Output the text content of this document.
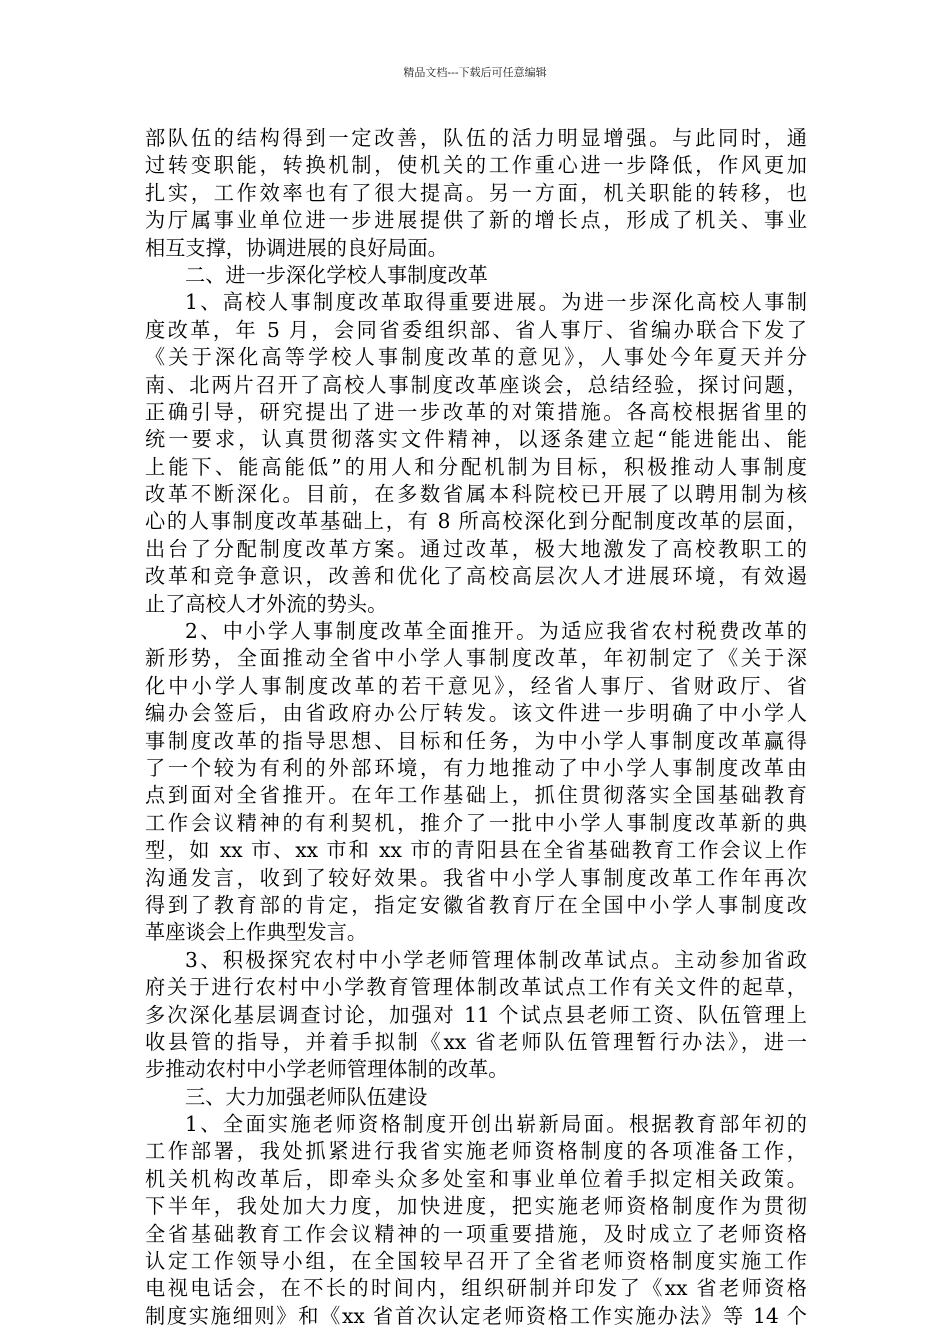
精品文档---下载后可任意编辑
部队伍的结构得到一定改善，队伍的活力明显增强。与此同时，通
过转变职能，转换机制，使机关的工作重心进一步降低，作风更加
扎实，工作效率也有了很大提高。另一方面，机关职能的转移，也
为厅属事业单位进一步进展提供了新的增长点，形成了机关、事业
相互支撑，协调进展的良好局面。
二、进一步深化学校人事制度改革
1、高校人事制度改革取得重要进展。为进一步深化高校人事制
度改革，年 5 月，会同省委组织部、省人事厅、省编办联合下发了
《关于深化高等学校人事制度改革的意见》，人事处今年夏天并分
南、北两片召开了高校人事制度改革座谈会，总结经验，探讨问题，
正确引导，研究提出了进一步改革的对策措施。各高校根据省里的
统一要求，认真贯彻落实文件精神，以逐条建立起“能进能出、能
上能下、能高能低”的用人和分配机制为目标，积极推动人事制度
改革不断深化。目前，在多数省属本科院校已开展了以聘用制为核
心的人事制度改革基础上，有 8 所高校深化到分配制度改革的层面，
出台了分配制度改革方案。通过改革，极大地激发了高校教职工的
改革和竞争意识，改善和优化了高校高层次人才进展环境，有效遏
止了高校人才外流的势头。
2、中小学人事制度改革全面推开。为适应我省农村税费改革的
新形势，全面推动全省中小学人事制度改革，年初制定了《关于深
化中小学人事制度改革的若干意见》，经省人事厅、省财政厅、省
编办会签后，由省政府办公厅转发。该文件进一步明确了中小学人
事制度改革的指导思想、目标和任务，为中小学人事制度改革赢得
了一个较为有利的外部环境，有力地推动了中小学人事制度改革由
点到面对全省推开。在年工作基础上，抓住贯彻落实全国基础教育
工作会议精神的有利契机，推介了一批中小学人事制度改革新的典
型，如 xx 市、xx 市和 xx 市的青阳县在全省基础教育工作会议上作
沟通发言，收到了较好效果。我省中小学人事制度改革工作年再次
得到了教育部的肯定，指定安徽省教育厅在全国中小学人事制度改
革座谈会上作典型发言。
3、积极探究农村中小学老师管理体制改革试点。主动参加省政
府关于进行农村中小学教育管理体制改革试点工作有关文件的起草，
多次深化基层调查讨论，加强对 11 个试点县老师工资、队伍管理上
收县管的指导，并着手拟制《xx 省老师队伍管理暂行办法》，进一
步推动农村中小学老师管理体制的改革。
三、大力加强老师队伍建设
1、全面实施老师资格制度开创出崭新局面。根据教育部年初的
工作部署，我处抓紧进行我省实施老师资格制度的各项准备工作，
机关机构改革后，即牵头众多处室和事业单位着手拟定相关政策。
下半年，我处加大力度，加快进度，把实施老师资格制度作为贯彻
全省基础教育工作会议精神的一项重要措施，及时成立了老师资格
认定工作领导小组，在全国较早召开了全省老师资格制度实施工作
电视电话会，在不长的时间内，组织研制并印发了《xx 省老师资格
制度实施细则》和《xx 省首次认定老师资格工作实施办法》等 14 个
